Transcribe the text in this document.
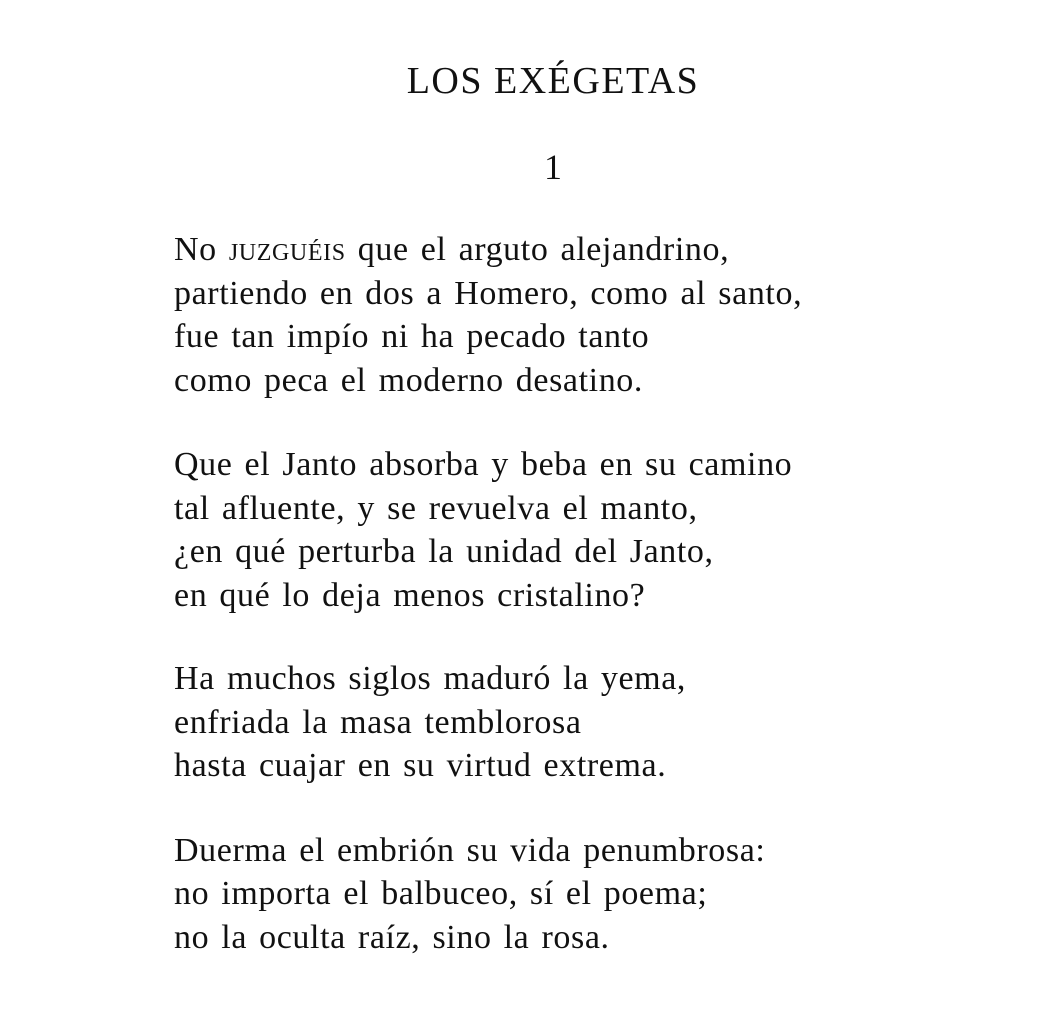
LOS EXÉGETAS
1
No juzguéis que el arguto alejandrino,
partiendo en dos a Homero, como al santo,
fue tan impío ni ha pecado tanto
como peca el moderno desatino.
Que el Janto absorba y beba en su camino
tal afluente, y se revuelva el manto,
¿en qué perturba la unidad del Janto,
en qué lo deja menos cristalino?
Ha muchos siglos maduró la yema,
enfriada la masa temblorosa
hasta cuajar en su virtud extrema.
Duerma el embrión su vida penumbrosa:
no importa el balbuceo, sí el poema;
no la oculta raíz, sino la rosa.
